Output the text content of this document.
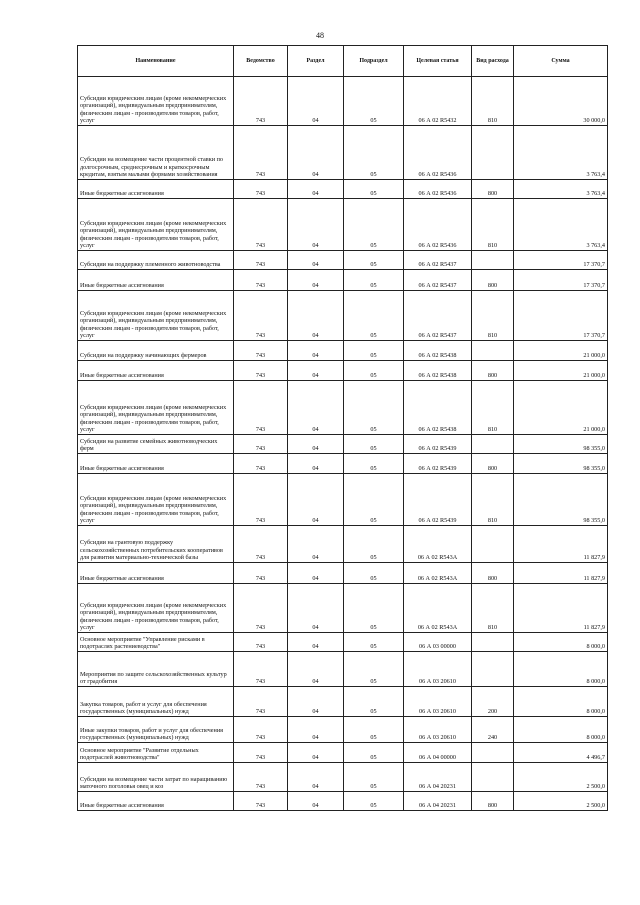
48
Наименование	Ведомство	Раздел	Подраздел	Целевая статья	Вид расхода	Сумма
Субсидии юридическим лицам (кроме некоммерческих организаций), индивидуальным предпринимателям, физическим лицам - производителям товаров, работ, услуг	743	04	05	06 А 02 R5432	810	30 000,0
Субсидии на возмещение части процентной ставки по долгосрочным, среднесрочным и краткосрочным кредитам, взятым малыми формами хозяйствования	743	04	05	06 А 02 R5436		3 763,4
Иные бюджетные ассигнования	743	04	05	06 А 02 R5436	800	3 763,4
Субсидии юридическим лицам (кроме некоммерческих организаций), индивидуальным предпринимателям, физическим лицам - производителям товаров, работ, услуг	743	04	05	06 А 02 R5436	810	3 763,4
Субсидии на поддержку племенного животноводства	743	04	05	06 А 02 R5437		17 370,7
Иные бюджетные ассигнования	743	04	05	06 А 02 R5437	800	17 370,7
Субсидии юридическим лицам (кроме некоммерческих организаций), индивидуальным предпринимателям, физическим лицам - производителям товаров, работ, услуг	743	04	05	06 А 02 R5437	810	17 370,7
Субсидии на поддержку начинающих фермеров	743	04	05	06 А 02 R5438		21 000,0
Иные бюджетные ассигнования	743	04	05	06 А 02 R5438	800	21 000,0
Субсидии юридическим лицам (кроме некоммерческих организаций), индивидуальным предпринимателям, физическим лицам - производителям товаров, работ, услуг	743	04	05	06 А 02 R5438	810	21 000,0
Субсидии на развитие семейных животноводческих ферм	743	04	05	06 А 02 R5439		98 355,0
Иные бюджетные ассигнования	743	04	05	06 А 02 R5439	800	98 355,0
Субсидии юридическим лицам (кроме некоммерческих организаций), индивидуальным предпринимателям, физическим лицам - производителям товаров, работ, услуг	743	04	05	06 А 02 R5439	810	98 355,0
Субсидии на грантовую поддержку сельскохозяйственных потребительских кооперативов для развития материально-технической базы	743	04	05	06 А 02 R543A		11 827,9
Иные бюджетные ассигнования	743	04	05	06 А 02 R543A	800	11 827,9
Субсидии юридическим лицам (кроме некоммерческих организаций), индивидуальным предпринимателям, физическим лицам - производителям товаров, работ, услуг	743	04	05	06 А 02 R543A	810	11 827,9
Основное мероприятие "Управление рисками в подотраслях растениеводства"	743	04	05	06 А 03 00000		8 000,0
Мероприятия по защите сельскохозяйственных культур от градобития	743	04	05	06 А 03 20610		8 000,0
Закупка товаров, работ и услуг для обеспечения государственных (муниципальных) нужд	743	04	05	06 А 03 20610	200	8 000,0
Иные закупки товаров, работ и услуг для обеспечения государственных (муниципальных) нужд	743	04	05	06 А 03 20610	240	8 000,0
Основное мероприятие "Развитие отдельных подотраслей животноводства"	743	04	05	06 А 04 00000		4 496,7
Субсидии на возмещение части затрат по наращиванию маточного поголовья овец и коз	743	04	05	06 А 04 20231		2 500,0
Иные бюджетные ассигнования	743	04	05	06 А 04 20231	800	2 500,0
